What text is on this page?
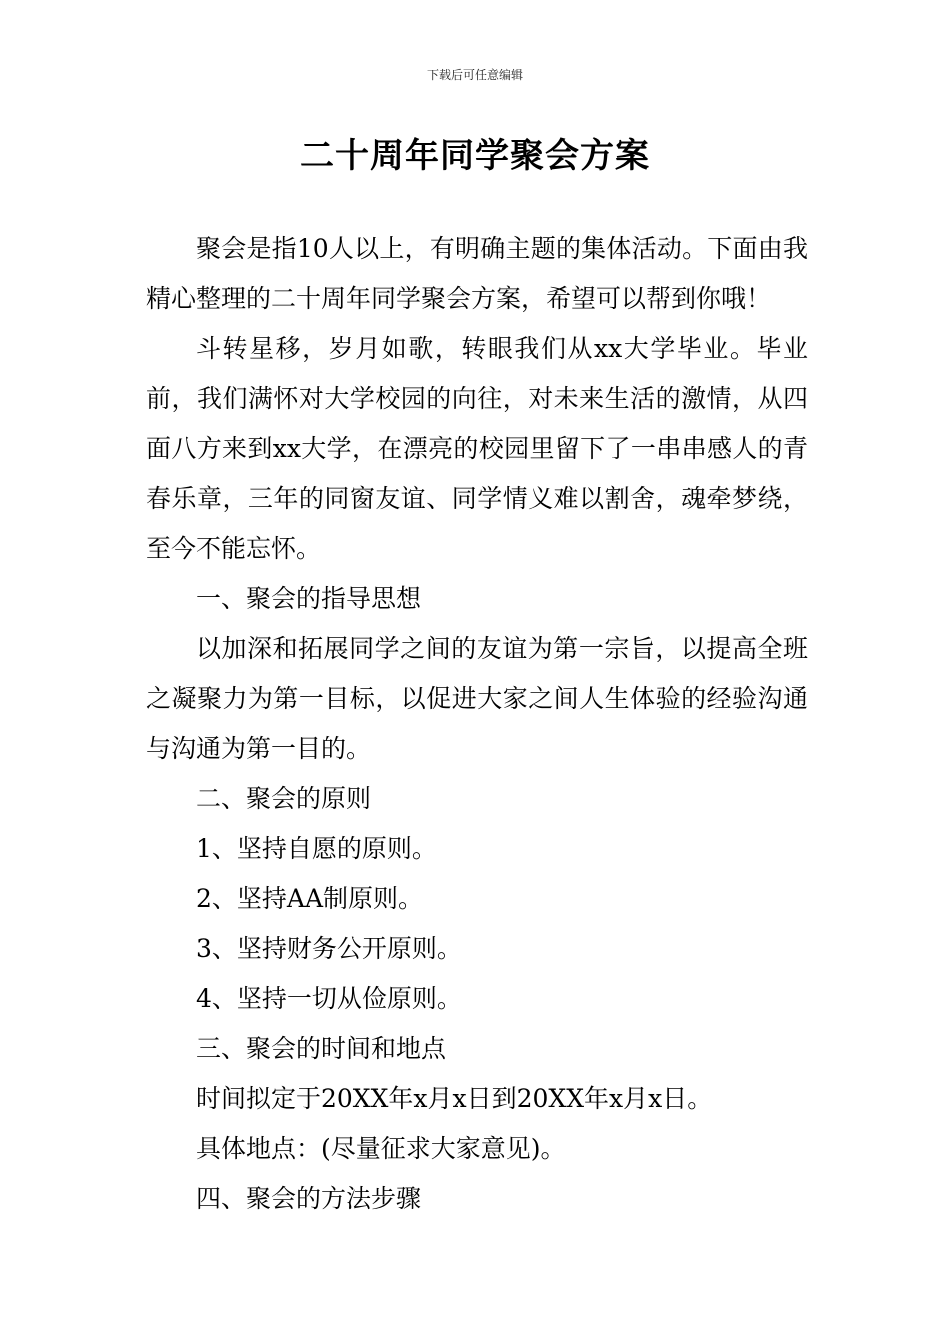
下载后可任意编辑
二十周年同学聚会方案

聚会是指10人以上，有明确主题的集体活动。下面由我精心整理的二十周年同学聚会方案，希望可以帮到你哦！

斗转星移，岁月如歌，转眼我们从xx大学毕业。毕业前，我们满怀对大学校园的向往，对未来生活的激情，从四面八方来到xx大学，在漂亮的校园里留下了一串串感人的青春乐章，三年的同窗友谊、同学情义难以割舍，魂牵梦绕，至今不能忘怀。

一、聚会的指导思想

以加深和拓展同学之间的友谊为第一宗旨，以提高全班之凝聚力为第一目标，以促进大家之间人生体验的经验沟通与沟通为第一目的。

二、聚会的原则

1、坚持自愿的原则。

2、坚持AA制原则。

3、坚持财务公开原则。

4、坚持一切从俭原则。

三、聚会的时间和地点

时间拟定于20XX年x月x日到20XX年x月x日。

具体地点：(尽量征求大家意见)。

四、聚会的方法步骤
